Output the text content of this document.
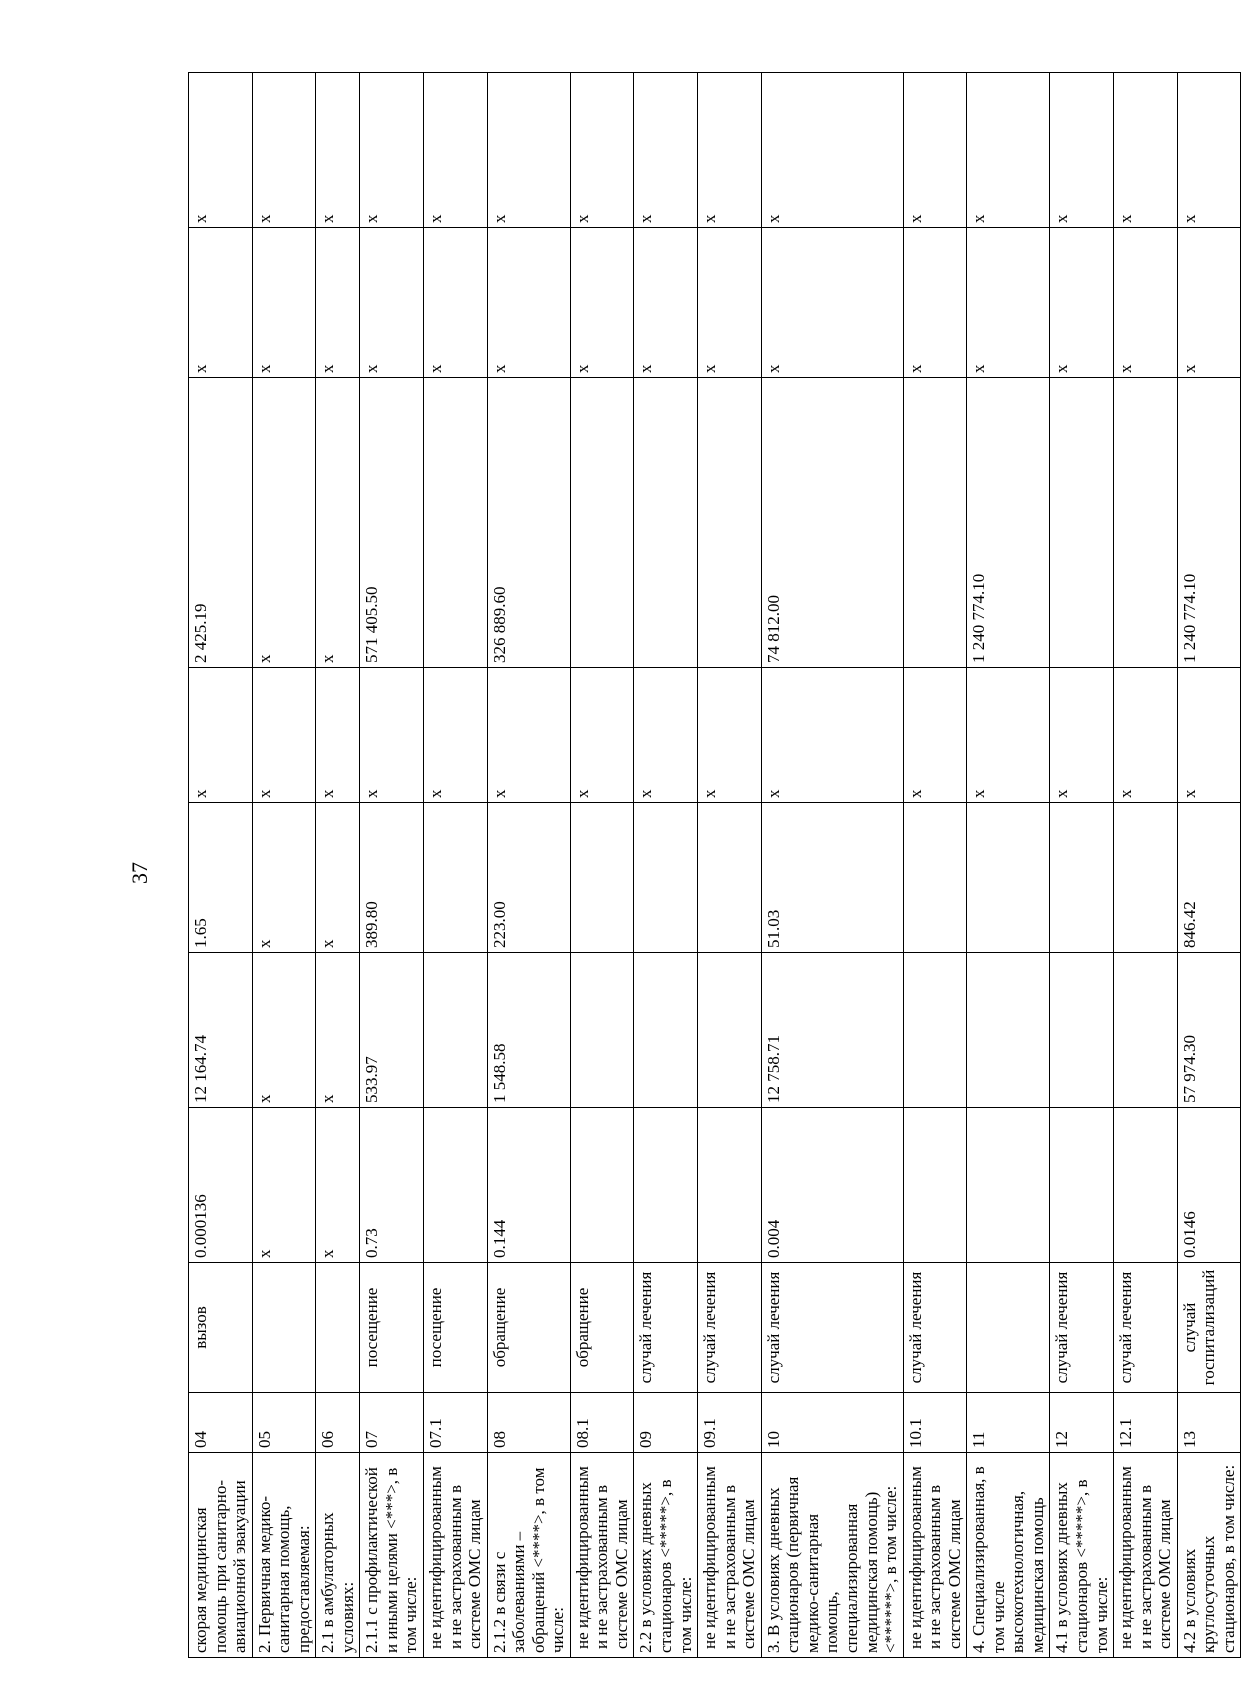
37
скорая медицинская помощь при санитарно-авиационной эвакуации	04	вызов	0.000136	12 164.74	1.65	х	2 425.19	х	х
2. Первичная медико-санитарная помощь, предоставляемая:	05		х	х	х	х	х	х	х
2.1 в амбулаторных условиях:	06		х	х	х	х	х	х	х
2.1.1 с профилактической и иными целями <***>, в том числе:	07	посещение	0.73	533.97	389.80	х	571 405.50	х	х
не идентифицированным и не застрахованным в системе ОМС лицам	07.1	посещение				х		х	х
2.1.2 в связи с заболеваниями – обращений <****>, в том числе:	08	обращение	0.144	1 548.58	223.00	х	326 889.60	х	х
не идентифицированным и не застрахованным в системе ОМС лицам	08.1	обращение				х		х	х
2.2 в условиях дневных стационаров <*****>, в том числе:	09	случай лечения				х		х	х
не идентифицированным и не застрахованным в системе ОМС лицам	09.1	случай лечения				х		х	х
3. В условиях дневных стационаров (первичная медико-санитарная помощь, специализированная медицинская помощь) <******>, в том числе:	10	случай лечения	0.004	12 758.71	51.03	х	74 812.00	х	х
не идентифицированным и не застрахованным в системе ОМС лицам	10.1	случай лечения				х		х	х
4. Специализированная, в том числе высокотехнологичная, медицинская помощь	11					х	1 240 774.10	х	х
4.1 в условиях дневных стационаров <*****>, в том числе:	12	случай лечения				х		х	х
не идентифицированным и не застрахованным в системе ОМС лицам	12.1	случай лечения				х		х	х
4.2 в условиях круглосуточных стационаров, в том числе:	13	случай госпитализаций	0.0146	57 974.30	846.42	х	1 240 774.10	х	х
